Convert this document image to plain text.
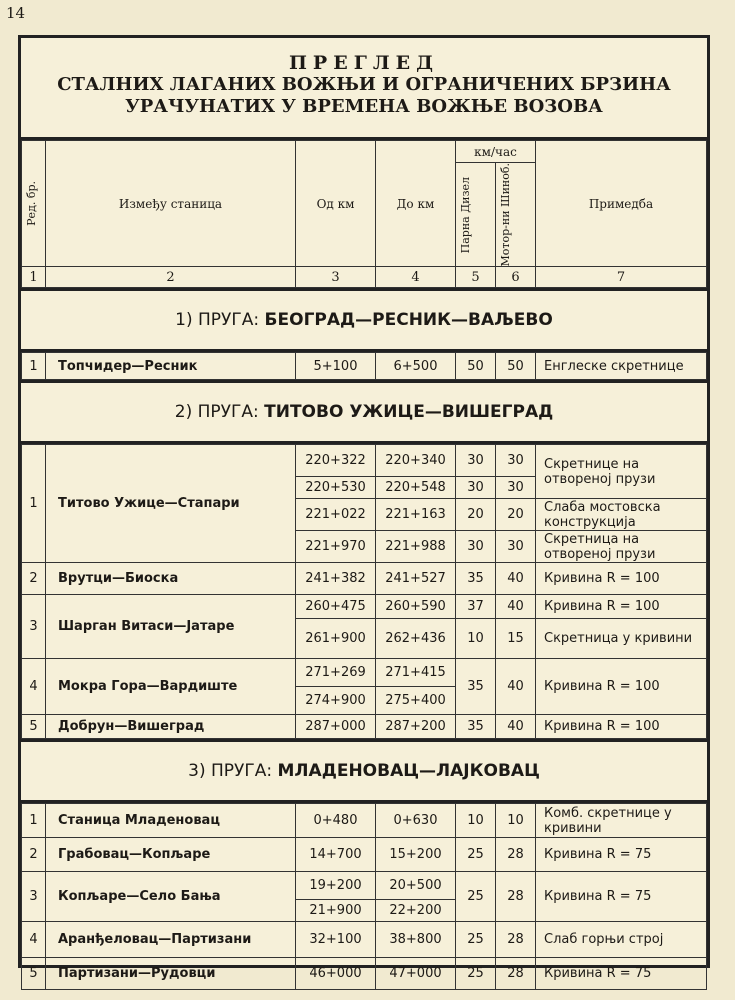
14
ПРЕГЛЕД
СТАЛНИХ ЛАГАНИХ ВОЖЊИ И ОГРАНИЧЕНИХ БРЗИНА
УРАЧУНАТИХ У ВРЕМЕНА ВОЖЊЕ ВОЗОВА
Ред. бр.	Између станица	Од км	До км	км/час		Примедба

				Парна Дизел	Мотор-ни Шиноб.	

1	2	3	4	5	6	7
1) ПРУГА: БЕОГРАД—РЕСНИК—ВАЉЕВО
1	Топчидер—Ресник	5+100	6+500	50	50	Енглеске скретнице
2) ПРУГА: ТИТОВО УЖИЦЕ—ВИШЕГРАД
1	Титово Ужице—Стапари	220+322	220+340	30	30	Скретнице на отвореној прузи
		220+530	220+548	30	30	
		221+022	221+163	20	20	Слаба мостовска конструкција
		221+970	221+988	30	30	Скретница на отвореној прузи
2	Врутци—Биоска	241+382	241+527	35	40	Кривина R = 100
3	Шарган Витаси—Јатаре	260+475	260+590	37	40	Кривина R = 100
		261+900	262+436	10	15	Скретница у кривини
4	Мокра Гора—Вардиште	271+269	271+415	35	40	Кривина R = 100
		274+900	275+400			
5	Добрун—Вишеград	287+000	287+200	35	40	Кривина R = 100
3) ПРУГА: МЛАДЕНОВАЦ—ЛАЈКОВАЦ
1	Станица Младеновац	0+480	0+630	10	10	Комб. скретнице у кривини
2	Грабовац—Копљаре	14+700	15+200	25	28	Кривина R = 75
3	Копљаре—Село Бања	19+200	20+500	25	28	Кривина R = 75
		21+900	22+200			
4	Аранђеловац—Партизани	32+100	38+800	25	28	Слаб горњи строј
5	Партизани—Рудовци	46+000	47+000	25	28	Кривина R = 75
